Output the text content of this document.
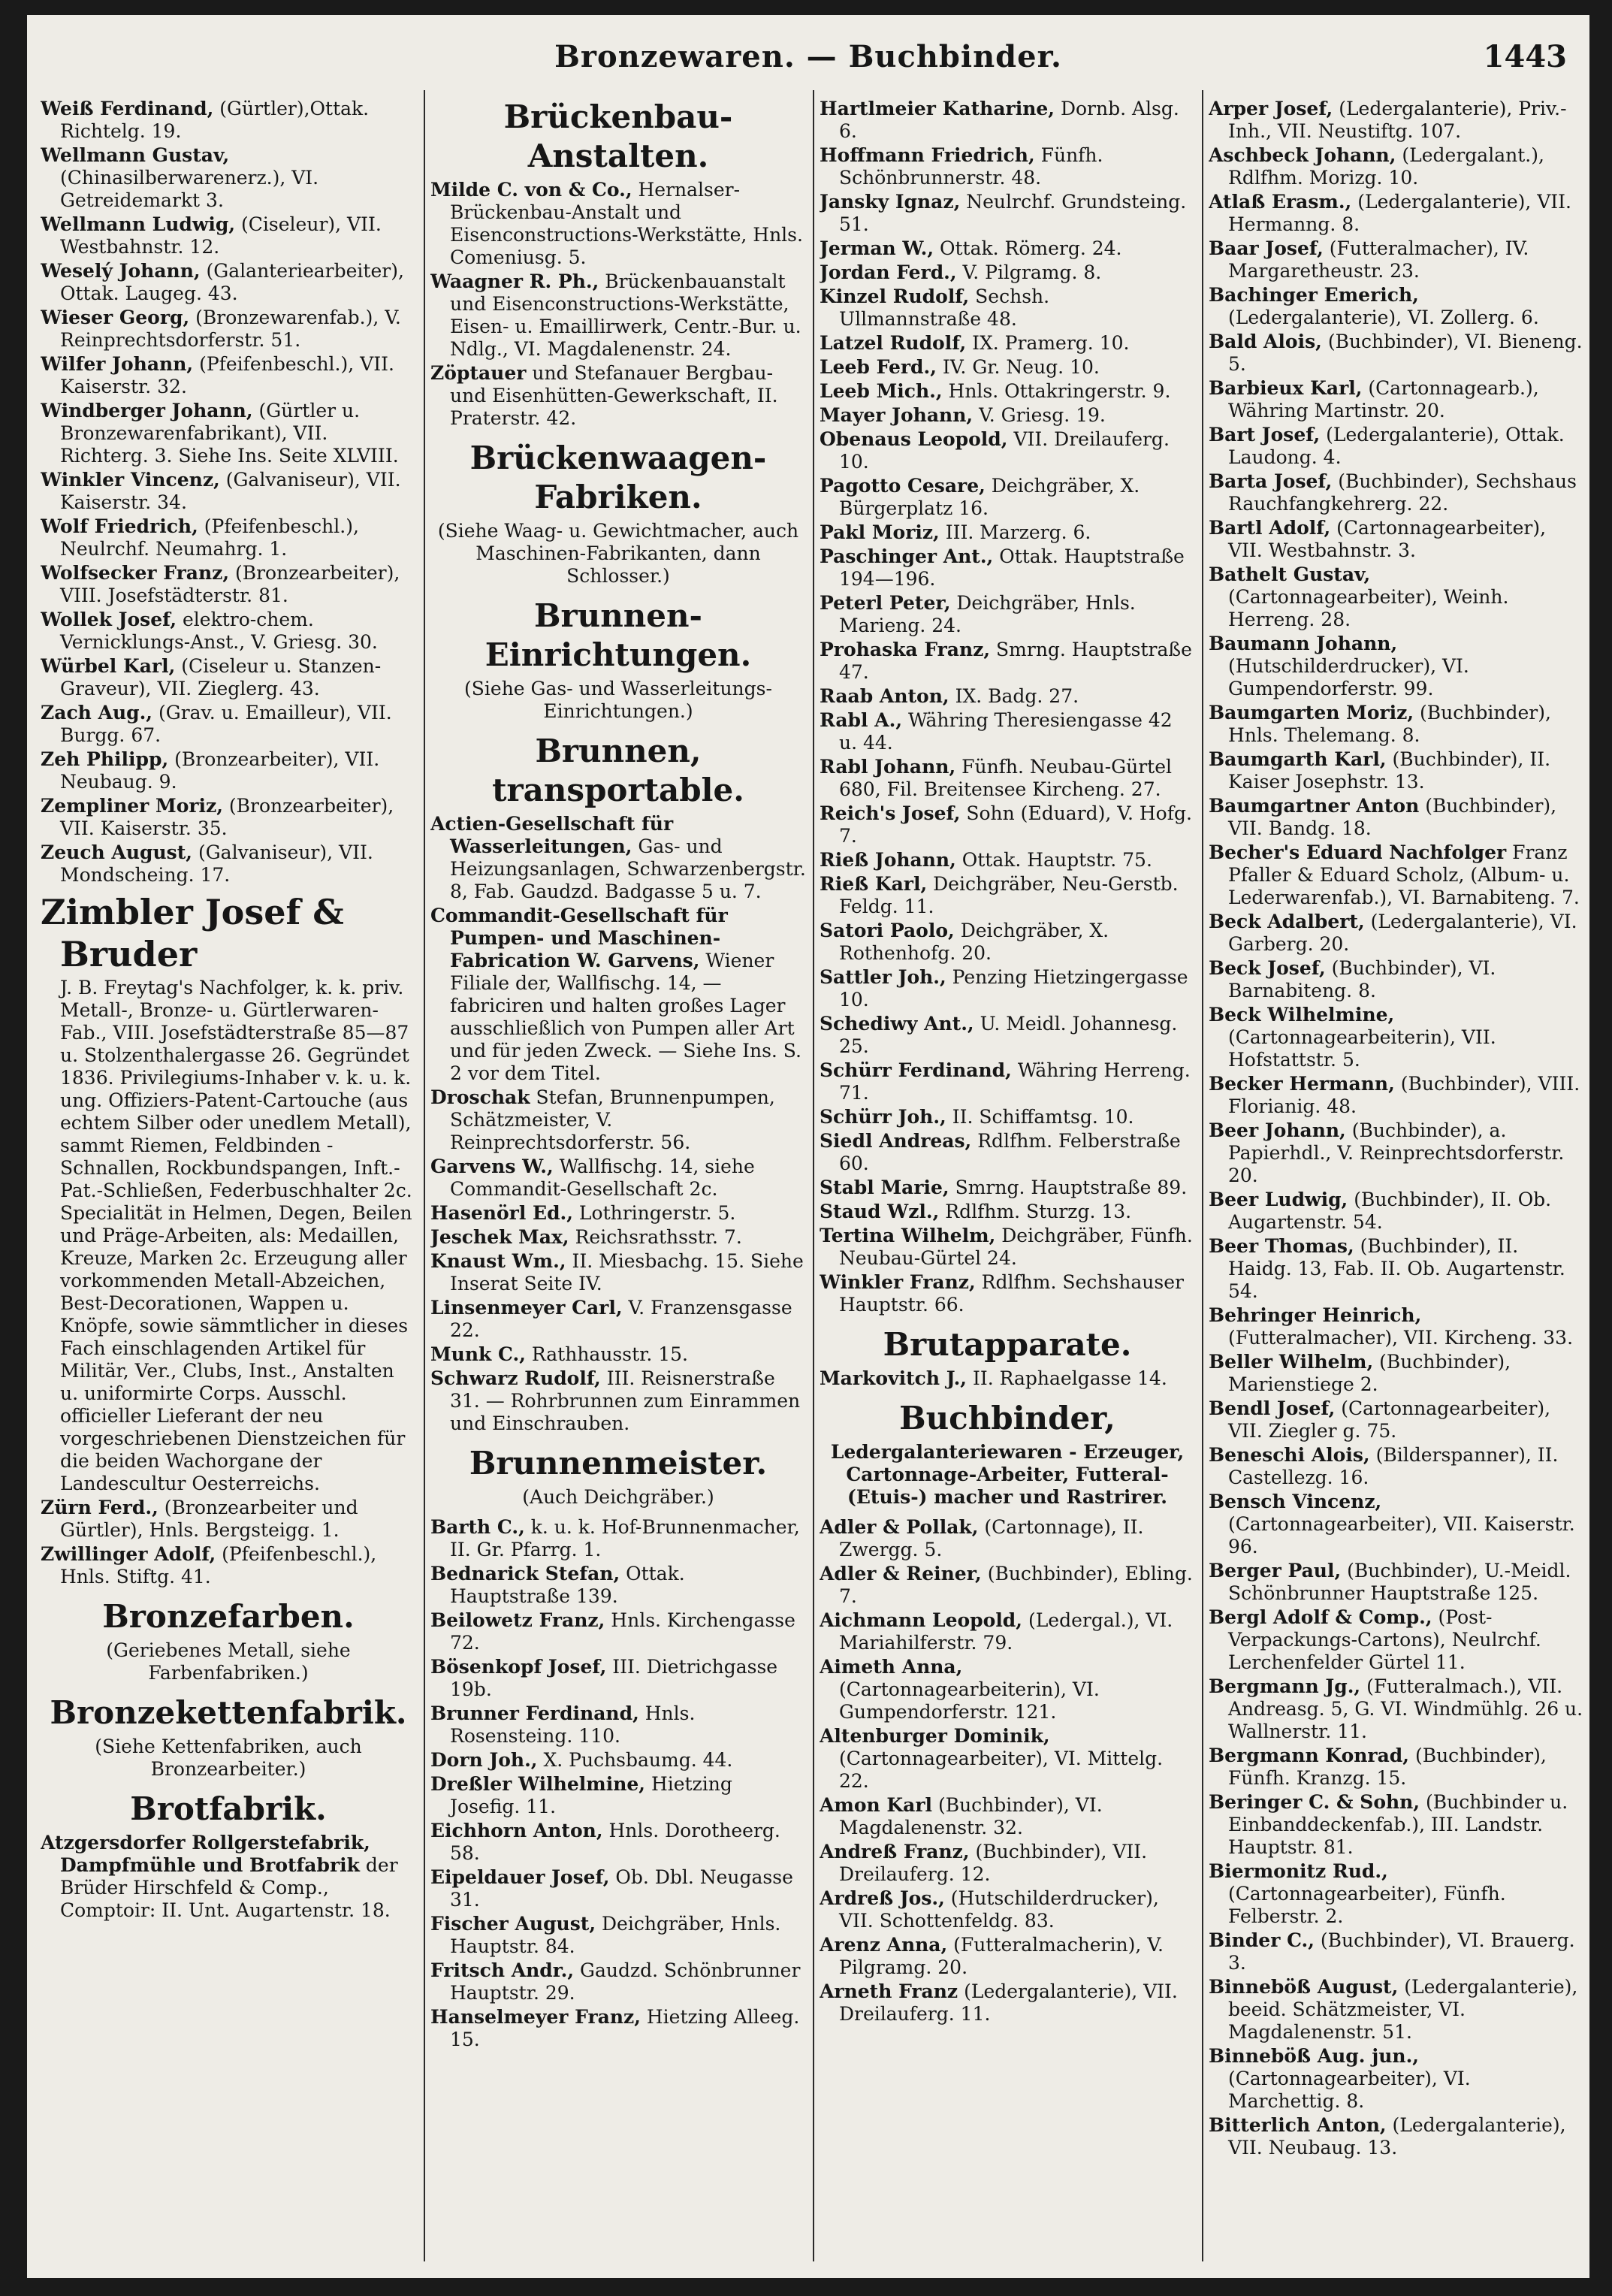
Bronzewaren. — Buchbinder.	1443
Weiß Ferdinand, (Gürtler),Ottak. Richtelg. 19.
Wellmann Gustav, (Chinasilberwarenerz.), VI. Getreidemarkt 3.
Wellmann Ludwig, (Ciseleur), VII. Westbahnstr. 12.
Weselý Johann, (Galanteriearbeiter), Ottak. Laugeg. 43.
Wieser Georg, (Bronzewarenfab.), V. Reinprechtsdorferstr. 51.
Wilfer Johann, (Pfeifenbeschl.), VII. Kaiserstr. 32.
Windberger Johann, (Gürtler u. Bronzewarenfabrikant), VII. Richterg. 3. Siehe Ins. Seite XLVIII.
Winkler Vincenz, (Galvaniseur), VII. Kaiserstr. 34.
Wolf Friedrich, (Pfeifenbeschl.), Neulrchf. Neumahrg. 1.
Wolfsecker Franz, (Bronzearbeiter), VIII. Josefstädterstr. 81.
Wollek Josef, elektro-chem. Vernicklungs-Anst., V. Griesg. 30.
Würbel Karl, (Ciseleur u. Stanzen-Graveur), VII. Zieglerg. 43.
Zach Aug., (Grav. u. Emailleur), VII. Burgg. 67.
Zeh Philipp, (Bronzearbeiter), VII. Neubaug. 9.
Zempliner Moriz, (Bronzearbeiter), VII. Kaiserstr. 35.
Zeuch August, (Galvaniseur), VII. Mondscheing. 17.
Zimbler Josef & Bruder
J. B. Freytag's Nachfolger, k. k. priv. Metall-, Bronze- u. Gürtlerwaren-Fab., VIII. Josefstädterstraße 85—87 u. Stolzenthalergasse 26. Gegründet 1836. Privilegiums-Inhaber v. k. u. k. ung. Offiziers-Patent-Cartouche (aus echtem Silber oder unedlem Metall), sammt Riemen, Feldbinden - Schnallen, Rockbundspangen, Inft.-Pat.-Schließen, Federbuschhalter 2c. Specialität in Helmen, Degen, Beilen und Präge-Arbeiten, als: Medaillen, Kreuze, Marken 2c. Erzeugung aller vorkommenden Metall-Abzeichen, Best-Decorationen, Wappen u. Knöpfe, sowie sämmtlicher in dieses Fach einschlagenden Artikel für Militär, Ver., Clubs, Inst., Anstalten u. uniformirte Corps. Ausschl. officieller Lieferant der neu vorgeschriebenen Dienstzeichen für die beiden Wachorgane der Landescultur Oesterreichs.
Zürn Ferd., (Bronzearbeiter und Gürtler), Hnls. Bergsteigg. 1.
Zwillinger Adolf, (Pfeifenbeschl.), Hnls. Stiftg. 41.
Bronzefarben.
(Geriebenes Metall, siehe Farbenfabriken.)
Bronzekettenfabrik.
(Siehe Kettenfabriken, auch Bronzearbeiter.)
Brotfabrik.
Atzgersdorfer Rollgerstefabrik, Dampfmühle und Brotfabrik der Brüder Hirschfeld & Comp., Comptoir: II. Unt. Augartenstr. 18.
Brückenbau-Anstalten.
Milde C. von & Co., Hernalser-Brückenbau-Anstalt und Eisenconstructions-Werkstätte, Hnls. Comeniusg. 5.
Waagner R. Ph., Brückenbauanstalt und Eisenconstructions-Werkstätte, Eisen- u. Emaillirwerk, Centr.-Bur. u. Ndlg., VI. Magdalenenstr. 24.
Zöptauer und Stefanauer Bergbau- und Eisenhütten-Gewerkschaft, II. Praterstr. 42.
Brückenwaagen-Fabriken.
(Siehe Waag- u. Gewichtmacher, auch Maschinen-Fabrikanten, dann Schlosser.)
Brunnen-Einrichtungen.
(Siehe Gas- und Wasserleitungs-Einrichtungen.)
Brunnen, transportable.
Actien-Gesellschaft für Wasserleitungen, Gas- und Heizungsanlagen, Schwarzenbergstr. 8, Fab. Gaudzd. Badgasse 5 u. 7.
Commandit-Gesellschaft für Pumpen- und Maschinen-Fabrication W. Garvens, Wiener Filiale der, Wallfischg. 14, — fabriciren und halten großes Lager ausschließlich von Pumpen aller Art und für jeden Zweck. — Siehe Ins. S. 2 vor dem Titel.
Droschak Stefan, Brunnenpumpen, Schätzmeister, V. Reinprechtsdorferstr. 56.
Garvens W., Wallfischg. 14, siehe Commandit-Gesellschaft 2c.
Hasenörl Ed., Lothringerstr. 5.
Jeschek Max, Reichsrathsstr. 7.
Knaust Wm., II. Miesbachg. 15. Siehe Inserat Seite IV.
Linsenmeyer Carl, V. Franzensgasse 22.
Munk C., Rathhausstr. 15.
Schwarz Rudolf, III. Reisnerstraße 31. — Rohrbrunnen zum Einrammen und Einschrauben.
Brunnenmeister.
(Auch Deichgräber.)
Barth C., k. u. k. Hof-Brunnenmacher, II. Gr. Pfarrg. 1.
Bednarick Stefan, Ottak. Hauptstraße 139.
Beilowetz Franz, Hnls. Kirchengasse 72.
Bösenkopf Josef, III. Dietrichgasse 19b.
Brunner Ferdinand, Hnls. Rosensteing. 110.
Dorn Joh., X. Puchsbaumg. 44.
Dreßler Wilhelmine, Hietzing Josefig. 11.
Eichhorn Anton, Hnls. Dorotheerg. 58.
Eipeldauer Josef, Ob. Dbl. Neugasse 31.
Fischer August, Deichgräber, Hnls. Hauptstr. 84.
Fritsch Andr., Gaudzd. Schönbrunner Hauptstr. 29.
Hanselmeyer Franz, Hietzing Alleeg. 15.
Hartlmeier Katharine, Dornb. Alsg. 6.
Hoffmann Friedrich, Fünfh. Schönbrunnerstr. 48.
Jansky Ignaz, Neulrchf. Grundsteing. 51.
Jerman W., Ottak. Römerg. 24.
Jordan Ferd., V. Pilgramg. 8.
Kinzel Rudolf, Sechsh. Ullmannstraße 48.
Latzel Rudolf, IX. Pramerg. 10.
Leeb Ferd., IV. Gr. Neug. 10.
Leeb Mich., Hnls. Ottakringerstr. 9.
Mayer Johann, V. Griesg. 19.
Obenaus Leopold, VII. Dreilauferg. 10.
Pagotto Cesare, Deichgräber, X. Bürgerplatz 16.
Pakl Moriz, III. Marzerg. 6.
Paschinger Ant., Ottak. Hauptstraße 194—196.
Peterl Peter, Deichgräber, Hnls. Marieng. 24.
Prohaska Franz, Smrng. Hauptstraße 47.
Raab Anton, IX. Badg. 27.
Rabl A., Währing Theresiengasse 42 u. 44.
Rabl Johann, Fünfh. Neubau-Gürtel 680, Fil. Breitensee Kircheng. 27.
Reich's Josef, Sohn (Eduard), V. Hofg. 7.
Rieß Johann, Ottak. Hauptstr. 75.
Rieß Karl, Deichgräber, Neu-Gerstb. Feldg. 11.
Satori Paolo, Deichgräber, X. Rothenhofg. 20.
Sattler Joh., Penzing Hietzingergasse 10.
Schediwy Ant., U. Meidl. Johannesg. 25.
Schürr Ferdinand, Währing Herreng. 71.
Schürr Joh., II. Schiffamtsg. 10.
Siedl Andreas, Rdlfhm. Felberstraße 60.
Stabl Marie, Smrng. Hauptstraße 89.
Staud Wzl., Rdlfhm. Sturzg. 13.
Tertina Wilhelm, Deichgräber, Fünfh. Neubau-Gürtel 24.
Winkler Franz, Rdlfhm. Sechshauser Hauptstr. 66.
Brutapparate.
Markovitch J., II. Raphaelgasse 14.
Buchbinder,
Ledergalanteriewaren - Erzeuger, Cartonnage-Arbeiter, Futteral- (Etuis-) macher und Rastrirer.
Adler & Pollak, (Cartonnage), II. Zwergg. 5.
Adler & Reiner, (Buchbinder), Ebling. 7.
Aichmann Leopold, (Ledergal.), VI. Mariahilferstr. 79.
Aimeth Anna, (Cartonnagearbeiterin), VI. Gumpendorferstr. 121.
Altenburger Dominik, (Cartonnagearbeiter), VI. Mittelg. 22.
Amon Karl (Buchbinder), VI. Magdalenenstr. 32.
Andreß Franz, (Buchbinder), VII. Dreilauferg. 12.
Ardreß Jos., (Hutschilderdrucker), VII. Schottenfeldg. 83.
Arenz Anna, (Futteralmacherin), V. Pilgramg. 20.
Arneth Franz (Ledergalanterie), VII. Dreilauferg. 11.
Arper Josef, (Ledergalanterie), Priv.-Inh., VII. Neustiftg. 107.
Aschbeck Johann, (Ledergalant.), Rdlfhm. Morizg. 10.
Atlaß Erasm., (Ledergalanterie), VII. Hermanng. 8.
Baar Josef, (Futteralmacher), IV. Margaretheustr. 23.
Bachinger Emerich, (Ledergalanterie), VI. Zollerg. 6.
Bald Alois, (Buchbinder), VI. Bieneng. 5.
Barbieux Karl, (Cartonnagearb.), Währing Martinstr. 20.
Bart Josef, (Ledergalanterie), Ottak. Laudong. 4.
Barta Josef, (Buchbinder), Sechshaus Rauchfangkehrerg. 22.
Bartl Adolf, (Cartonnagearbeiter), VII. Westbahnstr. 3.
Bathelt Gustav, (Cartonnagearbeiter), Weinh. Herreng. 28.
Baumann Johann, (Hutschilderdrucker), VI. Gumpendorferstr. 99.
Baumgarten Moriz, (Buchbinder), Hnls. Thelemang. 8.
Baumgarth Karl, (Buchbinder), II. Kaiser Josephstr. 13.
Baumgartner Anton (Buchbinder), VII. Bandg. 18.
Becher's Eduard Nachfolger Franz Pfaller & Eduard Scholz, (Album- u. Lederwarenfab.), VI. Barnabiteng. 7.
Beck Adalbert, (Ledergalanterie), VI. Garberg. 20.
Beck Josef, (Buchbinder), VI. Barnabiteng. 8.
Beck Wilhelmine, (Cartonnagearbeiterin), VII. Hofstattstr. 5.
Becker Hermann, (Buchbinder), VIII. Florianig. 48.
Beer Johann, (Buchbinder), a. Papierhdl., V. Reinprechtsdorferstr. 20.
Beer Ludwig, (Buchbinder), II. Ob. Augartenstr. 54.
Beer Thomas, (Buchbinder), II. Haidg. 13, Fab. II. Ob. Augartenstr. 54.
Behringer Heinrich, (Futteralmacher), VII. Kircheng. 33.
Beller Wilhelm, (Buchbinder), Marienstiege 2.
Bendl Josef, (Cartonnagearbeiter), VII. Ziegler g. 75.
Beneschi Alois, (Bilderspanner), II. Castellezg. 16.
Bensch Vincenz, (Cartonnagearbeiter), VII. Kaiserstr. 96.
Berger Paul, (Buchbinder), U.-Meidl. Schönbrunner Hauptstraße 125.
Bergl Adolf & Comp., (Post-Verpackungs-Cartons), Neulrchf. Lerchenfelder Gürtel 11.
Bergmann Jg., (Futteralmach.), VII. Andreasg. 5, G. VI. Windmühlg. 26 u. Wallnerstr. 11.
Bergmann Konrad, (Buchbinder), Fünfh. Kranzg. 15.
Beringer C. & Sohn, (Buchbinder u. Einbanddeckenfab.), III. Landstr. Hauptstr. 81.
Biermonitz Rud., (Cartonnagearbeiter), Fünfh. Felberstr. 2.
Binder C., (Buchbinder), VI. Brauerg. 3.
Binneböß August, (Ledergalanterie), beeid. Schätzmeister, VI. Magdalenenstr. 51.
Binneböß Aug. jun., (Cartonnagearbeiter), VI. Marchettig. 8.
Bitterlich Anton, (Ledergalanterie), VII. Neubaug. 13.
